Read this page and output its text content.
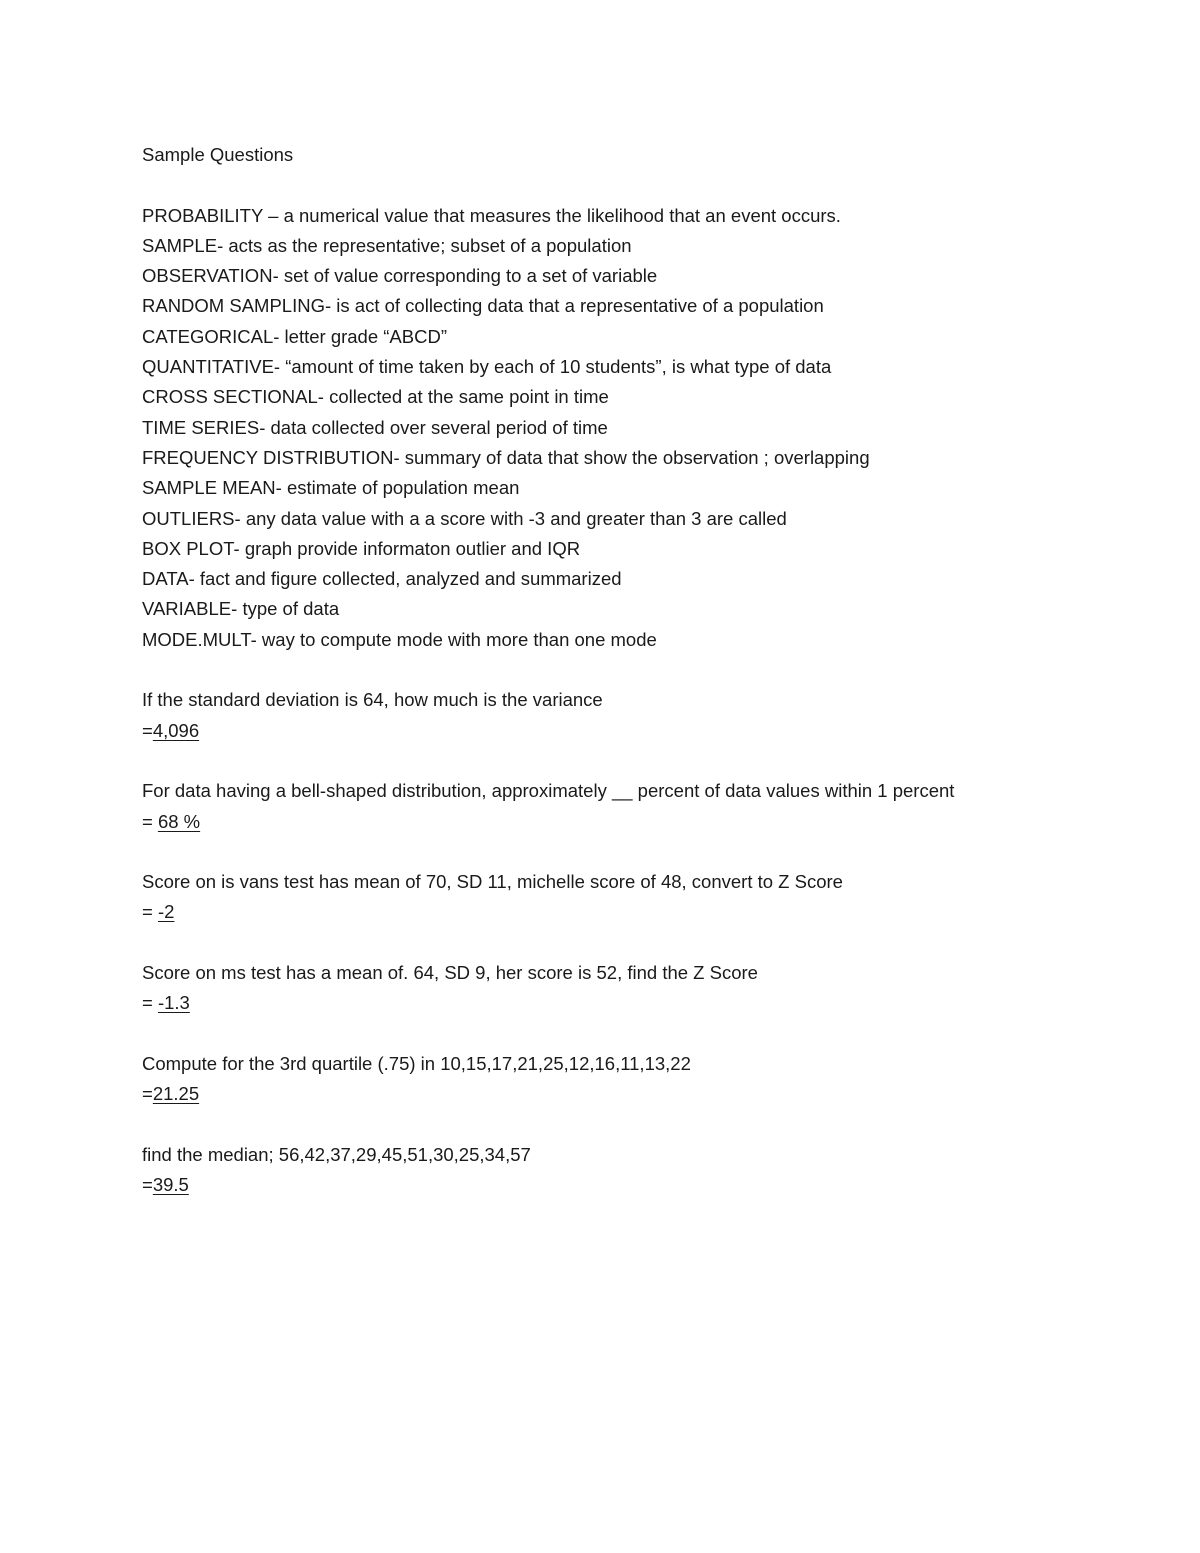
Sample Questions
PROBABILITY – a numerical value that measures the likelihood that an event occurs.
SAMPLE- acts as the representative; subset of a population
OBSERVATION- set of value corresponding to a set of variable
RANDOM SAMPLING- is act of collecting data that a representative of a population
CATEGORICAL- letter grade “ABCD”
QUANTITATIVE- “amount of time taken by each of 10 students”, is what type of data
CROSS SECTIONAL- collected at the same point in time
TIME SERIES- data collected over several period of time
FREQUENCY DISTRIBUTION- summary of data that show the observation ; overlapping
SAMPLE MEAN- estimate of population mean
OUTLIERS- any data value with a a score with -3 and greater than 3 are called
BOX PLOT- graph provide informaton outlier and IQR
DATA- fact and figure collected, analyzed and summarized
VARIABLE- type of data
MODE.MULT- way to compute mode with more than one mode
If the standard deviation is 64, how much is the variance
=4,096
For data having a bell-shaped distribution, approximately __ percent of data values within 1 percent
= 68 %
Score on is vans test has mean of 70, SD 11, michelle score of 48, convert to Z Score
= -2
Score on ms test has a mean of. 64, SD 9, her score is 52, find the Z Score
= -1.3
Compute for the 3rd quartile (.75) in 10,15,17,21,25,12,16,11,13,22
=21.25
find the median; 56,42,37,29,45,51,30,25,34,57
=39.5
